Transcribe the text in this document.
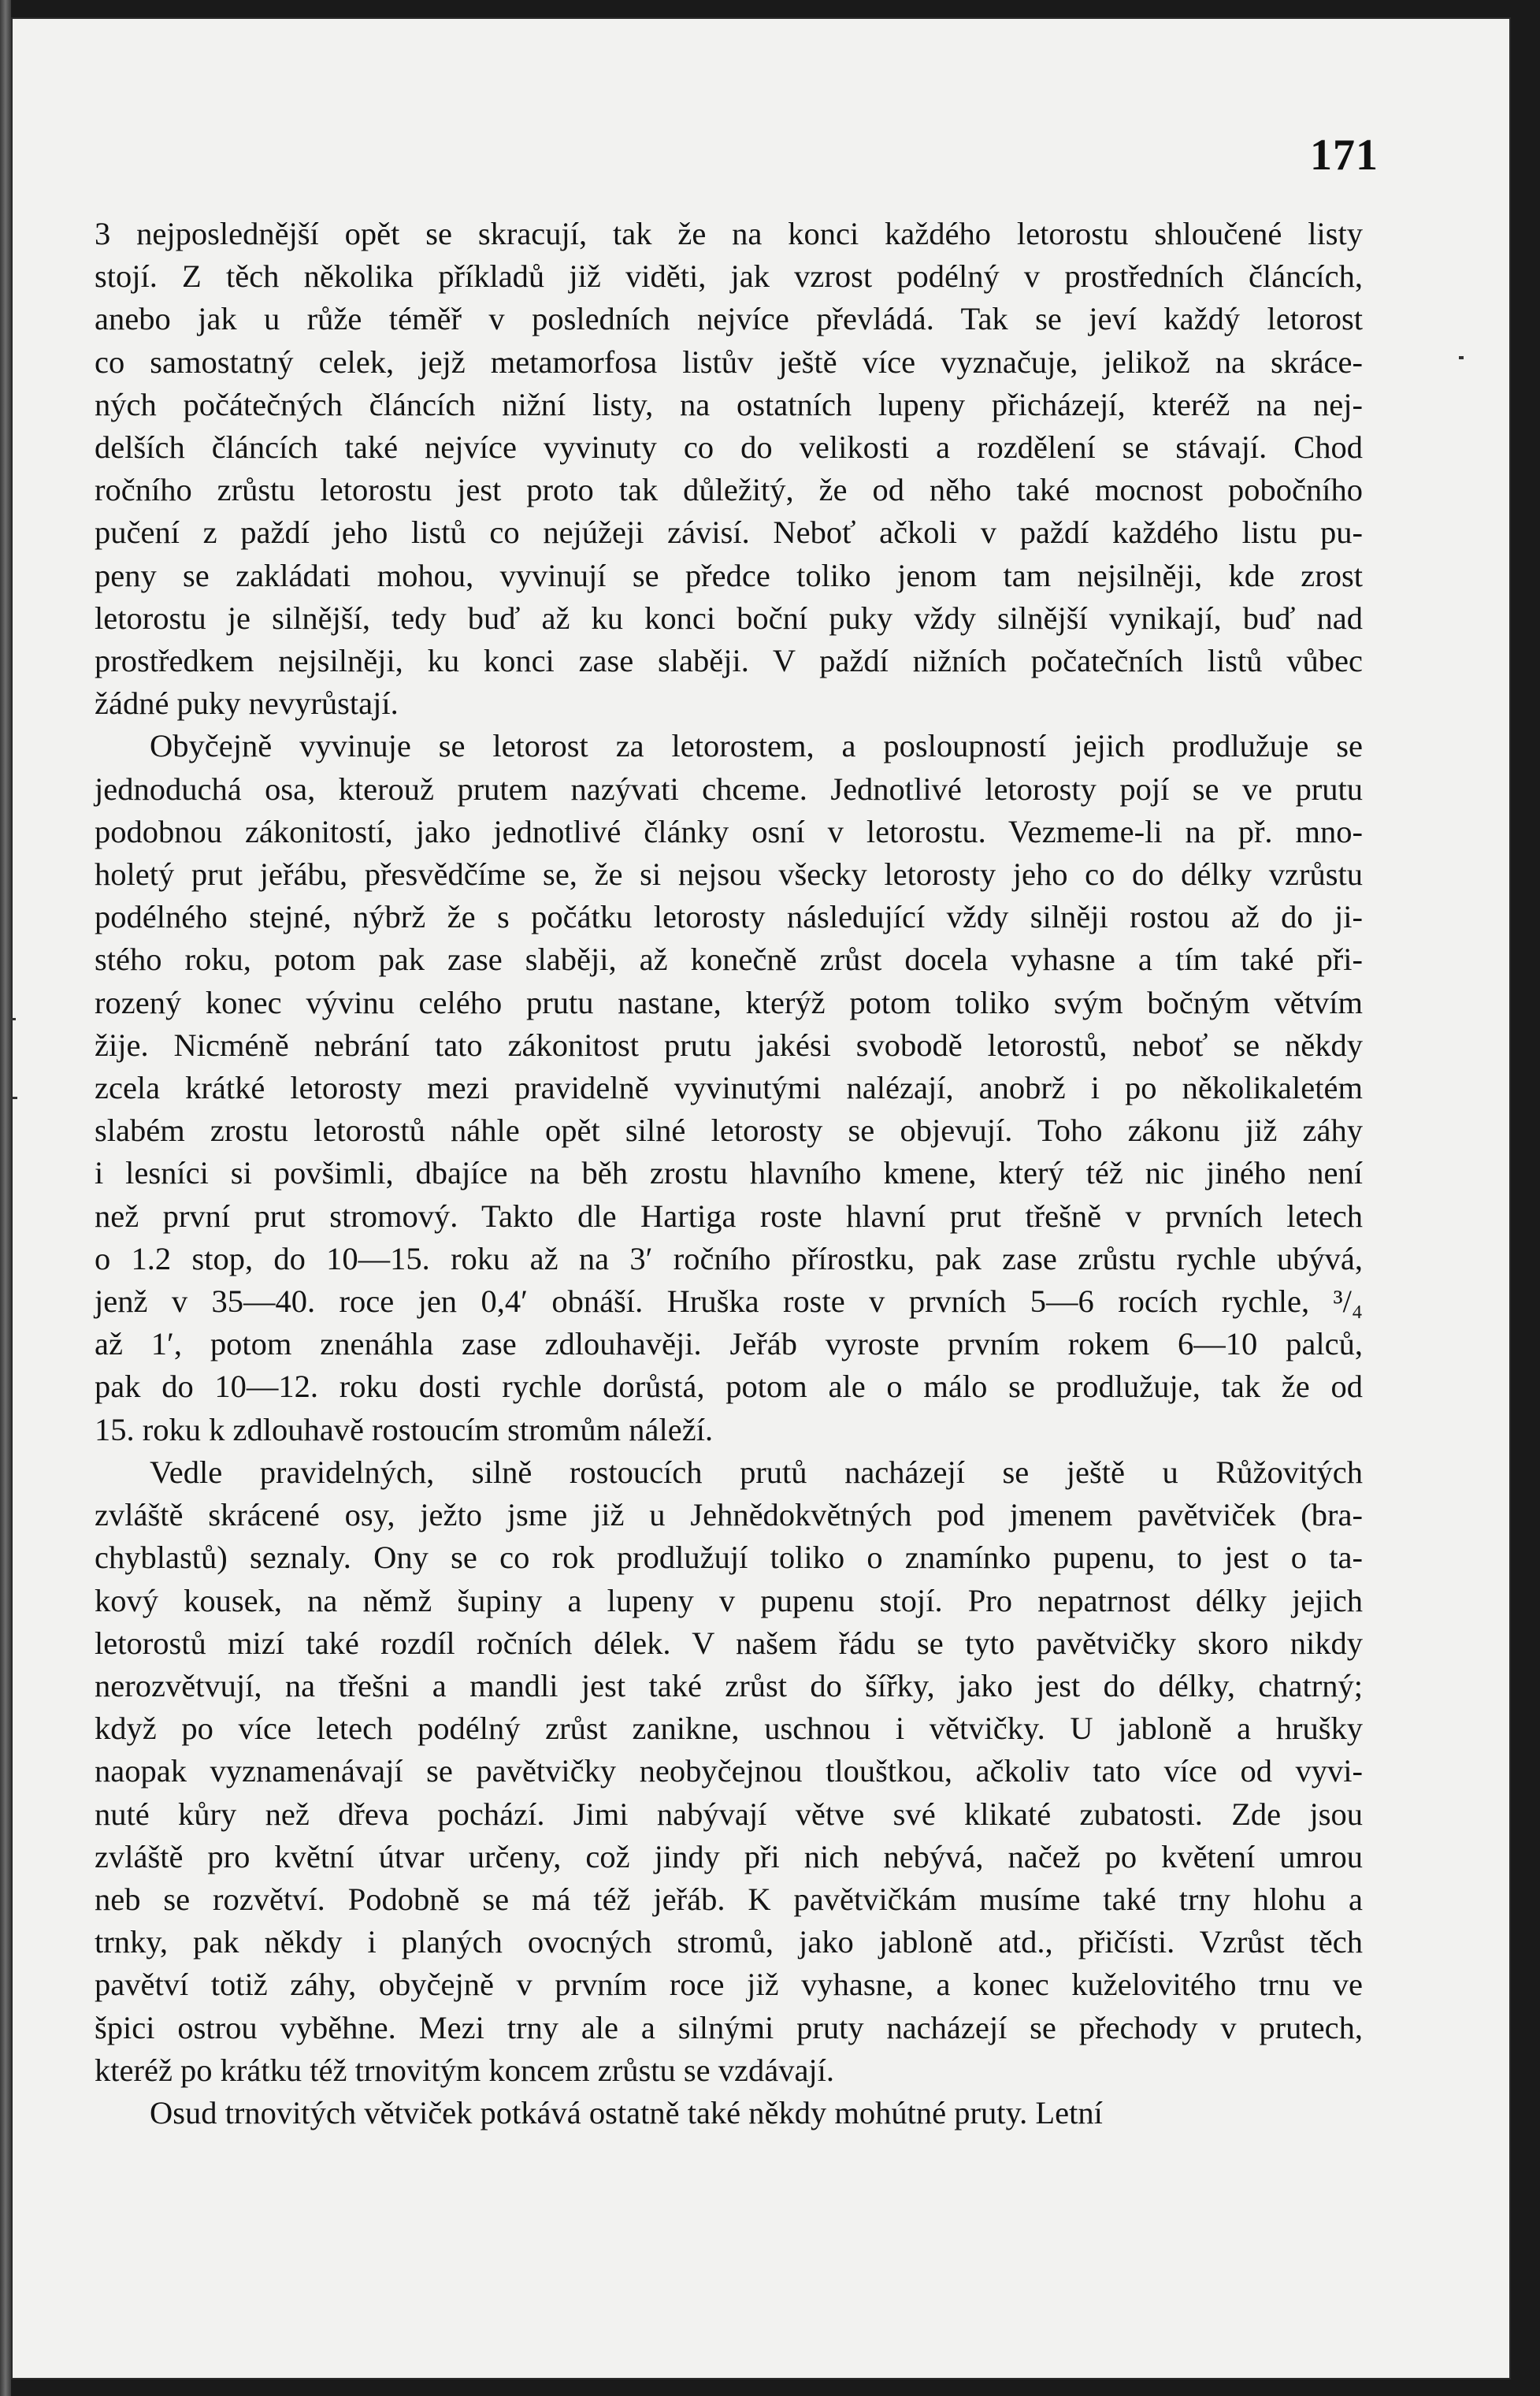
171
3 nejposlednější opět se skracují, tak že na konci každého letorostu shloučené listy
stojí. Z těch několika příkladů již viděti, jak vzrost podélný v prostředních článcích,
anebo jak u růže téměř v posledních nejvíce převládá. Tak se jeví každý letorost
co samostatný celek, jejž metamorfosa listův ještě více vyznačuje, jelikož na skrácе-
ných počátečných článcích nižní listy, na ostatních lupeny přicházejí, kteréž na nej-
delších článcích také nejvíce vyvinuty co do velikosti a rozdělení se stávají. Chod
ročního zrůstu letorostu jest proto tak důležitý, že od něho také mocnost pobočního
pučení z paždí jeho listů co nejúžeji závisí. Neboť ačkoli v paždí každého listu pu-
peny se zakládati mohou, vyvinují se předce toliko jenom tam nejsilněji, kde zrost
letorostu je silnější, tedy buď až ku konci boční puky vždy silnější vynikají, buď nad
prostředkem nejsilněji, ku konci zase slaběji. V paždí nižních počatečních listů vůbec
žádné puky nevyrůstají.
Obyčejně vyvinuje se letorost za letorostem, a posloupností jejich prodlužuje se
jednoduchá osa, kterouž prutem nazývati chceme. Jednotlivé letorosty pojí se ve prutu
podobnou zákonitostí, jako jednotlivé články osní v letorostu. Vezmeme-li na př. mno-
holetý prut jeřábu, přesvědčíme se, že si nejsou všecky letorosty jeho co do délky vzrůstu
podélného stejné, nýbrž že s počátku letorosty následující vždy silněji rostou až do ji-
stého roku, potom pak zase slaběji, až konečně zrůst docela vyhasne a tím také při-
rozený konec vývinu celého prutu nastane, kterýž potom toliko svým bočným větvím
žije. Nicméně nebrání tato zákonitost prutu jakési svobodě letorostů, neboť se někdy
zcela krátké letorosty mezi pravidelně vyvinutými nalézají, anobrž i po několikaletém
slabém zrostu letorostů náhle opět silné letorosty se objevují. Toho zákonu již záhy
i lesníci si povšimli, dbajíce na běh zrostu hlavního kmene, který též nic jiného není
než první prut stromový. Takto dle Hartiga roste hlavní prut třešně v prvních letech
o 1.2 stop, do 10—15. roku až na 3′ ročního přírostku, pak zase zrůstu rychle ubývá,
jenž v 35—40. roce jen 0,4′ obnáší. Hruška roste v prvních 5—6 rocích rychle, ³/₄
až 1′, potom znenáhla zase zdlouhavěji. Jeřáb vyroste prvním rokem 6—10 palců,
pak do 10—12. roku dosti rychle dorůstá, potom ale o málo se prodlužuje, tak že od
15. roku k zdlouhavě rostoucím stromům náleží.
Vedle pravidelných, silně rostoucích prutů nacházejí se ještě u Růžovitých
zvláště skrácené osy, ježto jsme již u Jehnědokvětných pod jmenem pavětviček (bra-
chyblastů) seznaly. Ony se co rok prodlužují toliko o znamínko pupenu, to jest o ta-
kový kousek, na němž šupiny a lupeny v pupenu stojí. Pro nepatrnost délky jejich
letorostů mizí také rozdíl ročních délek. V našem řádu se tyto pavětvičky skoro nikdy
nerozvětvují, na třešni a mandli jest také zrůst do šířky, jako jest do délky, chatrný;
když po více letech podélný zrůst zanikne, uschnou i větvičky. U jabloně a hrušky
naopak vyznamenávají se pavětvičky neobyčejnou tlouštkou, ačkoliv tato více od vyvi-
nuté kůry než dřeva pochází. Jimi nabývají větve své klikaté zubatosti. Zde jsou
zvláště pro květní útvar určeny, což jindy při nich nebývá, načež po květení umrou
neb se rozvětví. Podobně se má též jeřáb. K pavětvičkám musíme také trny hlohu a
trnky, pak někdy i planých ovocných stromů, jako jabloně atd., přičísti. Vzrůst těch
pavětví totiž záhy, obyčejně v prvním roce již vyhasne, a konec kuželovitého trnu ve
špici ostrou vyběhne. Mezi trny ale a silnými pruty nacházejí se přechody v prutech,
kteréž po krátku též trnovitým koncem zrůstu se vzdávají.
Osud trnovitých větviček potkává ostatně také někdy mohútné pruty. Letní
